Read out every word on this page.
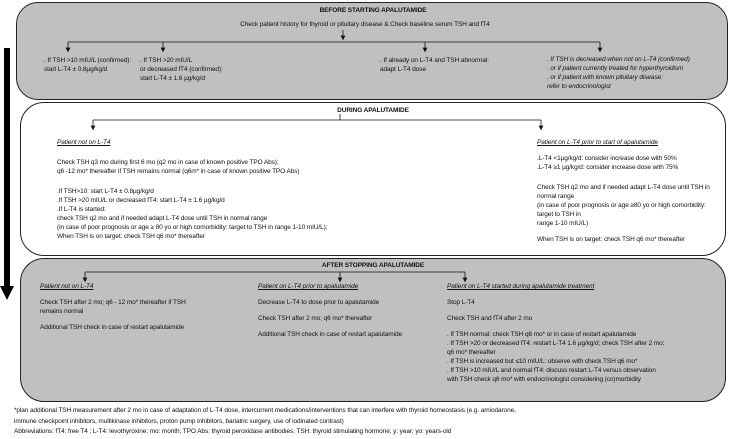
BEFORE STARTING APALUTAMIDE
Check patient history for thyroid or pituitary disease & Check baseline serum TSH and fT4
. If TSH >10 mIU/L (confirmed):
start L-T4 ± 0.8µg/kg/d
. If TSH >20 mIU/L
or decreased fT4 (confirmed):
start L-T4 ± 1.6 µg/kg/d
. If already on L-T4 and TSH abnormal:
adapt L-T4 dose
. If TSH is decreased when not on L-T4 (confirmed)
. or if patient currently treated for hyperthyroidism
. or if patient with known pituitary disease:
refer to endocrinologist
DURING APALUTAMIDE
Patient not on L-T4
Check TSH q3 mo during first 6 mo (q2 mo in case of known positive TPO Abs);
q6 -12 mo* thereafter if TSH remains normal (q6m* in case of known positive TPO Abs)
.If TSH>10: start L-T4 ± 0.8µg/kg/d
.If TSH >20 mIU/L or decreased fT4: start L-T4 ± 1.6 µg/kg/d
.If L-T4 is started:
check TSH q2 mo and if needed adapt L-T4 dose until TSH in normal range
(in case of poor prognosis or age ≥ 80 yo or high comorbidity: target to TSH in range 1-10 mIU/L);
When TSH is on target: check TSH q6 mo* thereafter
Patient on L-T4 prior to start of apalutamide
.L-T4 <1µg/kg/d: consider increase dose with 50%
.L-T4 ≥1 µg/kg/d: consider increase dose with 75%
Check TSH q2 mo and if needed adapt L-T4 dose until TSH in normal range
(in case of poor prognosis or age ≥80 yo or high comorbidity: target to TSH in
range 1-10 mIU/L)
When TSH is on target: check TSH q6 mo* thereafter
AFTER STOPPING APALUTAMIDE
Patient not on L-T4
Check TSH after 2 mo; q6 - 12 mo* thereafter if TSH
remains normal
Additional TSH check in case of restart apalutamide
Patient on L-T4 prior to apalutamide
Decrease L-T4 to dose prior to apalutamide
Check TSH after 2 mo; q6 mo* thereafter
Additional TSH check in case of restart apalutamide
Patient on L-T4 started during apalutamide treatment
Stop L-T4
Check TSH and fT4 after 2 mo
. If TSH normal: check TSH q6 mo* or in case of restart apalutamide
. If TSH >20 or decreased fT4: restart L-T4 1.6 µg/kg/d; check TSH after 2 mo;
q6 mo* thereafter
. If TSH is increased but ≤10 mIU/L: observe with check TSH q6 mo*
. If TSH >10 mIU/L and normal fT4: discuss restart L-T4 versus observation
with TSH check q6 mo* with endocrinologist considering (co)morbidity
*plan additional TSH measurement after 2 mo in case of adaptation of L-T4 dose, intercurrent medications/interventions that can interfere with thyroid homeostasis (e.g. amiodarone,
immune checkpoint inhibitors, multikinase inhibitors, proton pump inhibitors, bariatric surgery, use of iodinated contrast)
Abbreviations: fT4: free T4 ; L-T4: levothyroxine; mo: month; TPO Abs: thyroid peroxidase antibodies; TSH: thyroid stimulating hormone; y: year; yo: years-old
